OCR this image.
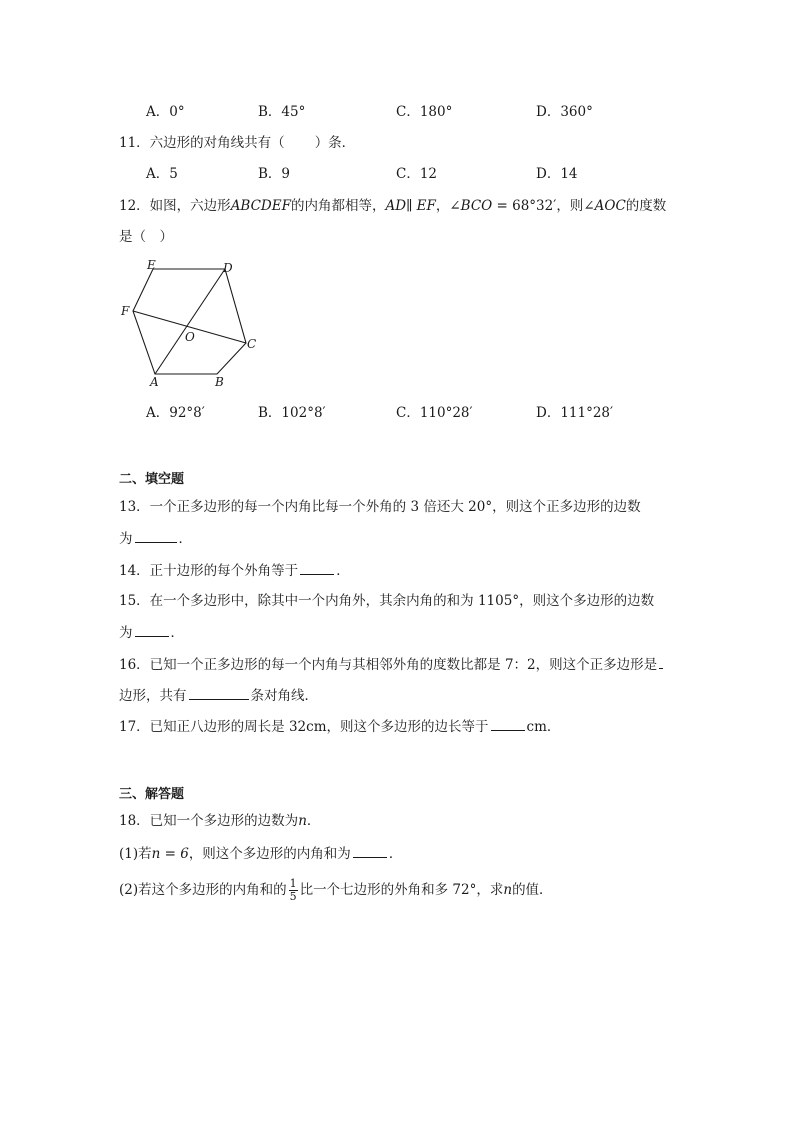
A．0°	B．45°	C．180°	D．360°
11．六边形的对角线共有（ ）条．
A．5	B．9	C．12	D．14
12．如图，六边形ABCDEF的内角都相等，AD∥ EF，∠BCO = 68°32′，则∠AOC的度数
是（　）
E	D
F
O	C
A	B
A．92°8′	B．102°8′	C．110°28′	D．111°28′
二、填空题
13．一个正多边形的每一个内角比每一个外角的 3 倍还大 20°，则这个正多边形的边数
为	．
14．正十边形的每个外角等于	．
15．在一个多边形中，除其中一个内角外，其余内角的和为 1105°，则这个多边形的边数
为	．
16．已知一个正多边形的每一个内角与其相邻外角的度数比都是 7：2，则这个正多边形是
边形，共有	条对角线．
17．已知正八边形的周长是 32cm，则这个多边形的边长等于	cm．
三、解答题
18．已知一个多边形的边数为n．
(1)若n = 6，则这个多边形的内角和为	．
(2)若这个多边形的内角和的 $\frac{1}{5}$ 比一个七边形的外角和多 72°，求n的值．
